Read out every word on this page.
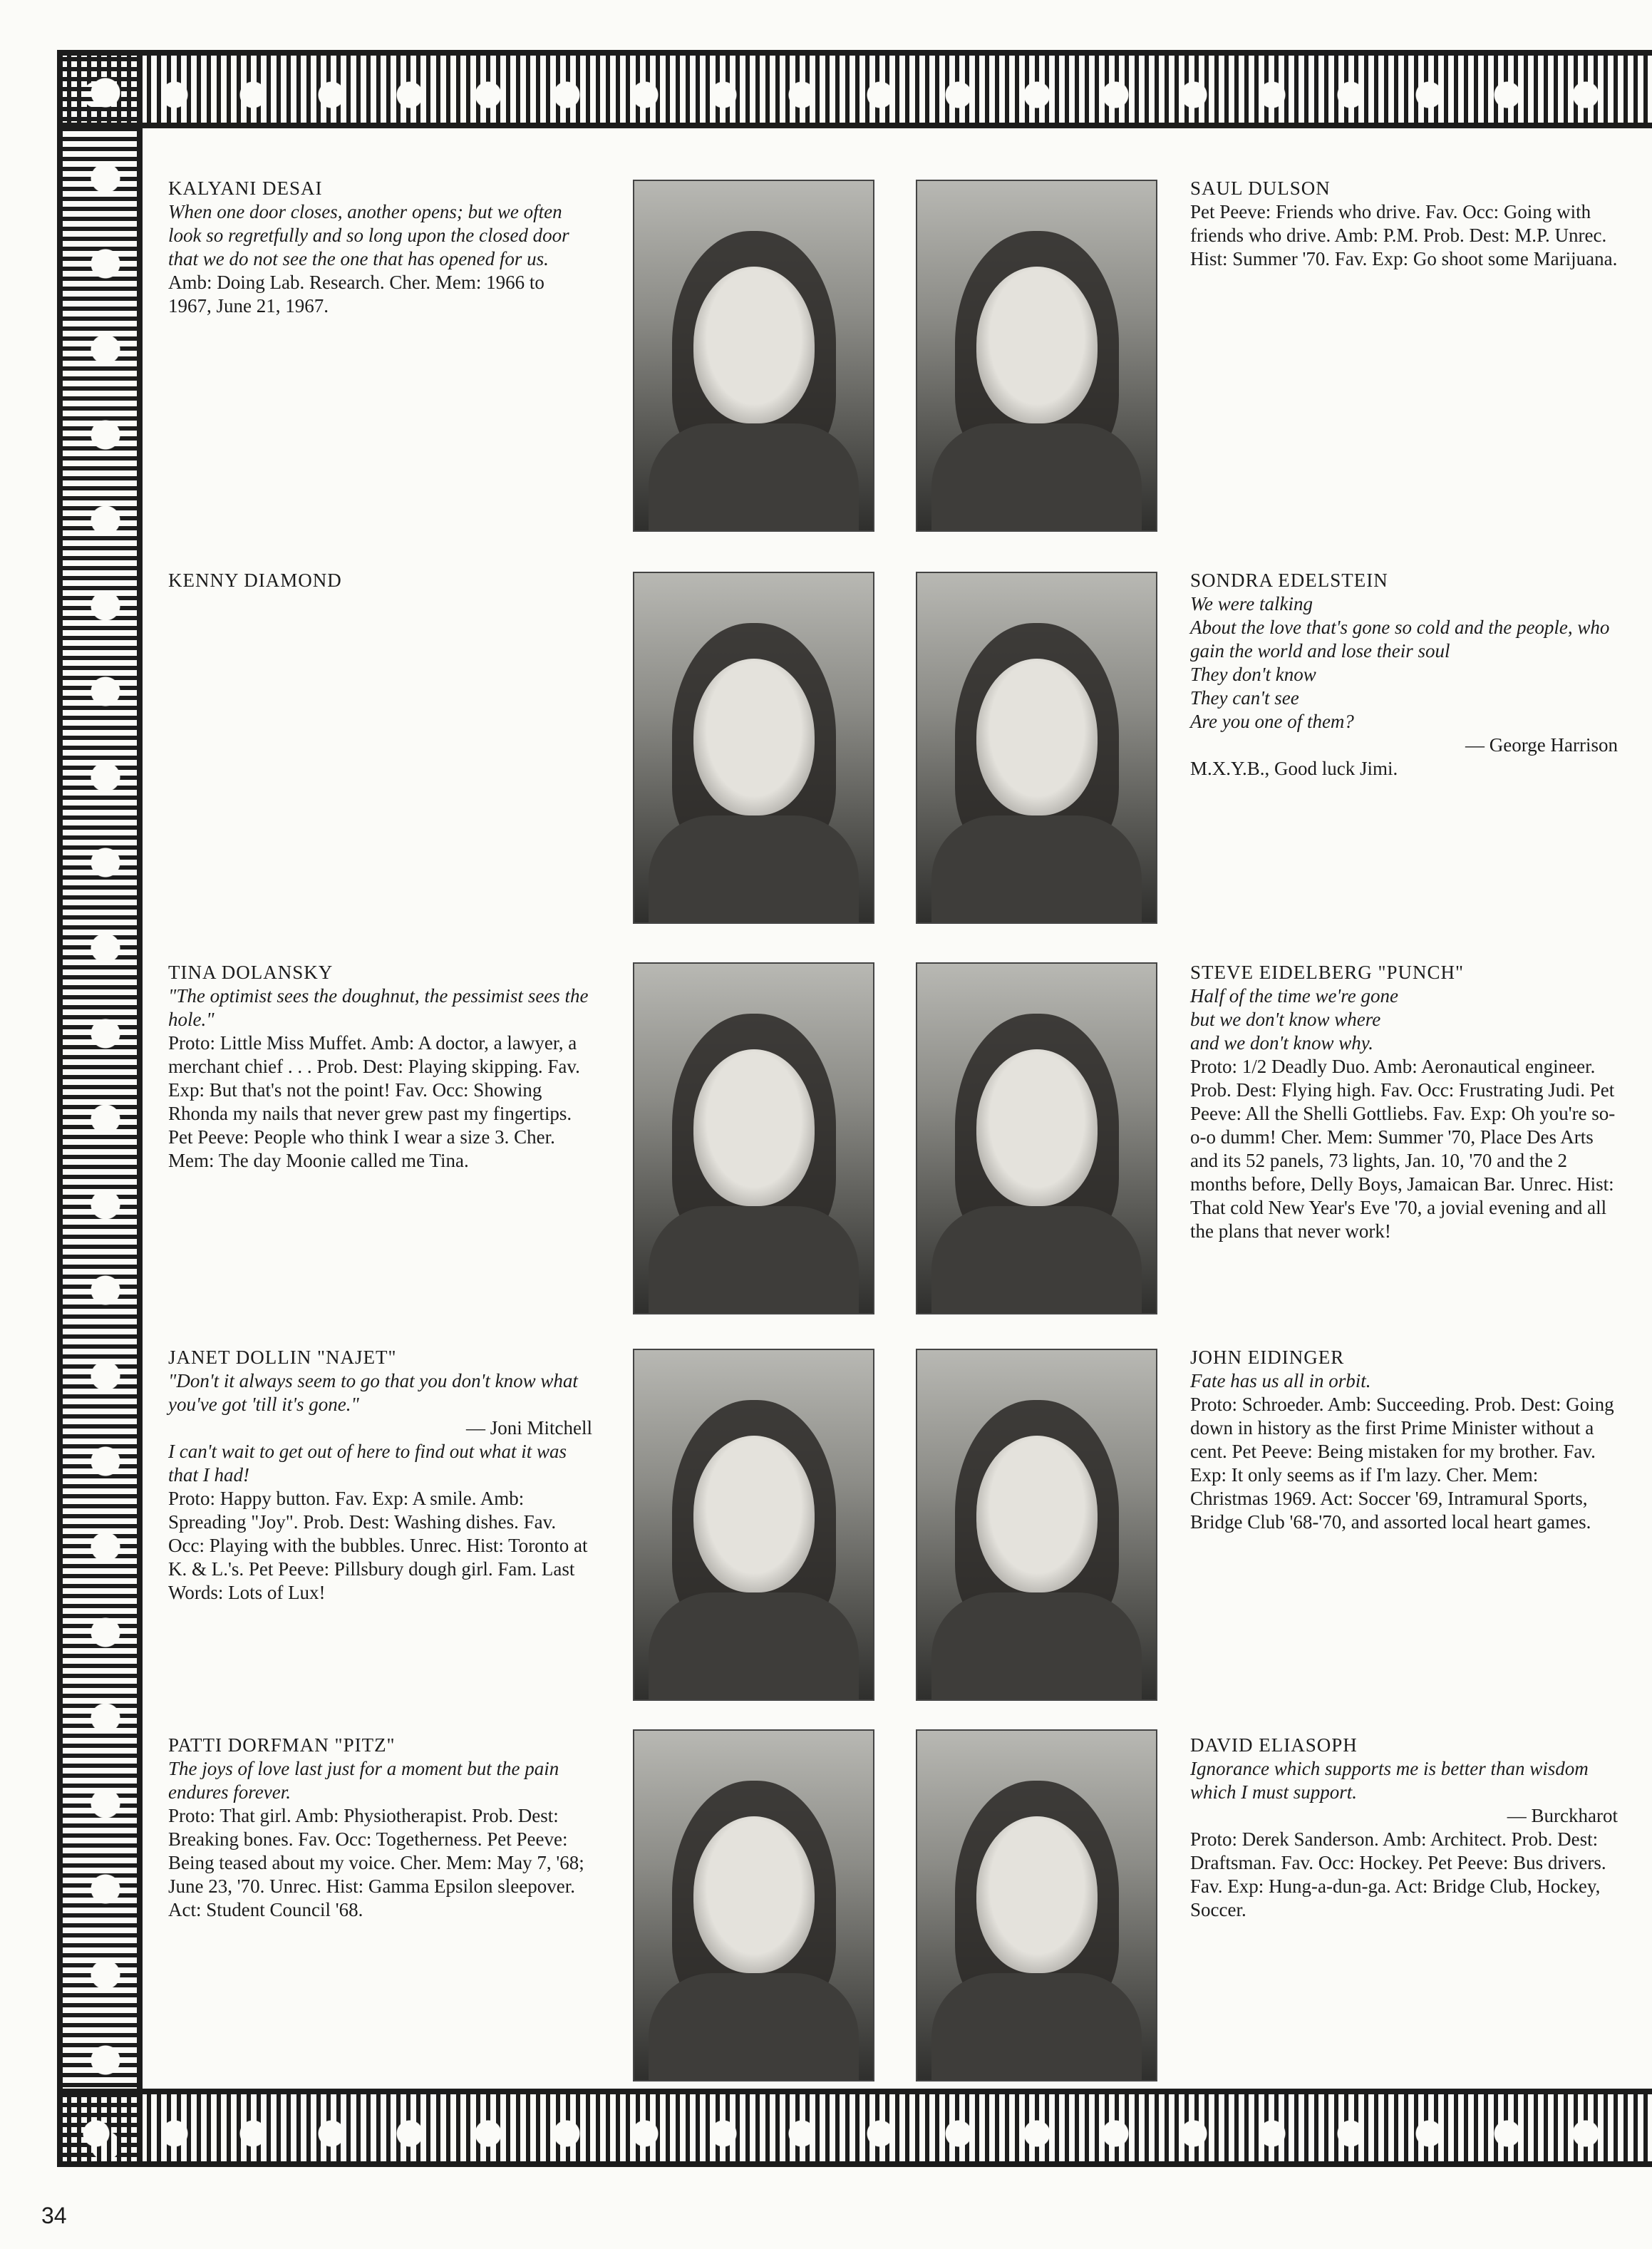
KALYANI DESAI
When one door closes, another opens; but we often look so regretfully and so long upon the closed door that we do not see the one that has opened for us.
Amb: Doing Lab. Research. Cher. Mem: 1966 to 1967, June 21, 1967.
KENNY DIAMOND
TINA DOLANSKY
"The optimist sees the doughnut, the pessimist sees the hole."
Proto: Little Miss Muffet. Amb: A doctor, a lawyer, a merchant chief . . . Prob. Dest: Playing skipping. Fav. Exp: But that's not the point! Fav. Occ: Showing Rhonda my nails that never grew past my fingertips. Pet Peeve: People who think I wear a size 3. Cher. Mem: The day Moonie called me Tina.
JANET DOLLIN "NAJET"
"Don't it always seem to go that you don't know what you've got 'till it's gone."
— Joni Mitchell
I can't wait to get out of here to find out what it was that I had!
Proto: Happy button. Fav. Exp: A smile. Amb: Spreading "Joy". Prob. Dest: Washing dishes. Fav. Occ: Playing with the bubbles. Unrec. Hist: Toronto at K. & L.'s. Pet Peeve: Pillsbury dough girl. Fam. Last Words: Lots of Lux!
PATTI DORFMAN "PITZ"
The joys of love last just for a moment but the pain endures forever.
Proto: That girl. Amb: Physiotherapist. Prob. Dest: Breaking bones. Fav. Occ: Togetherness. Pet Peeve: Being teased about my voice. Cher. Mem: May 7, '68; June 23, '70. Unrec. Hist: Gamma Epsilon sleepover. Act: Student Council '68.
SAUL DULSON
Pet Peeve: Friends who drive. Fav. Occ: Going with friends who drive. Amb: P.M. Prob. Dest: M.P. Unrec. Hist: Summer '70. Fav. Exp: Go shoot some Marijuana.
SONDRA EDELSTEIN
We were talking
About the love that's gone so cold and the people, who gain the world and lose their soul
They don't know
They can't see
Are you one of them?
— George Harrison
M.X.Y.B., Good luck Jimi.
STEVE EIDELBERG "PUNCH"
Half of the time we're gone
but we don't know where
and we don't know why.
Proto: 1/2 Deadly Duo. Amb: Aeronautical engineer. Prob. Dest: Flying high. Fav. Occ: Frustrating Judi. Pet Peeve: All the Shelli Gottliebs. Fav. Exp: Oh you're so-o-o dumm! Cher. Mem: Summer '70, Place Des Arts and its 52 panels, 73 lights, Jan. 10, '70 and the 2 months before, Delly Boys, Jamaican Bar. Unrec. Hist: That cold New Year's Eve '70, a jovial evening and all the plans that never work!
JOHN EIDINGER
Fate has us all in orbit.
Proto: Schroeder. Amb: Succeeding. Prob. Dest: Going down in history as the first Prime Minister without a cent. Pet Peeve: Being mistaken for my brother. Fav. Exp: It only seems as if I'm lazy. Cher. Mem: Christmas 1969. Act: Soccer '69, Intramural Sports, Bridge Club '68-'70, and assorted local heart games.
DAVID ELIASOPH
Ignorance which supports me is better than wisdom which I must support.
— Burckharot
Proto: Derek Sanderson. Amb: Architect. Prob. Dest: Draftsman. Fav. Occ: Hockey. Pet Peeve: Bus drivers. Fav. Exp: Hung-a-dun-ga. Act: Bridge Club, Hockey, Soccer.
34
